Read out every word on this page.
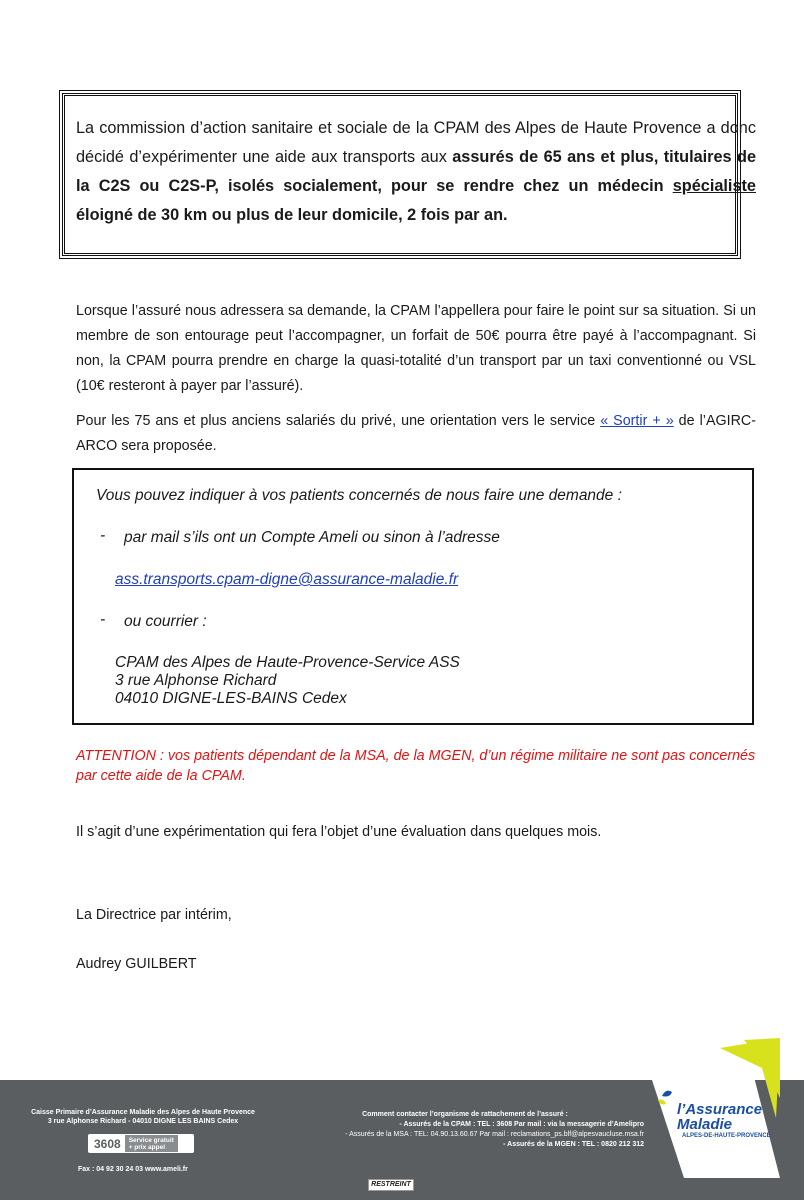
La commission d’action sanitaire et sociale de la CPAM des Alpes de Haute Provence a donc décidé d’expérimenter une aide aux transports aux assurés de 65 ans et plus, titulaires de la C2S ou C2S-P, isolés socialement, pour se rendre chez un médecin spécialiste éloigné de 30 km ou plus de leur domicile, 2 fois par an.
Lorsque l’assuré nous adressera sa demande, la CPAM l’appellera pour faire le point sur sa situation. Si un membre de son entourage peut l’accompagner, un forfait de 50€ pourra être payé à l’accompagnant. Si non, la CPAM pourra prendre en charge la quasi-totalité d’un transport par un taxi conventionné ou VSL (10€ resteront à payer par l’assuré).
Pour les 75 ans et plus anciens salariés du privé, une orientation vers le service « Sortir + » de l’AGIRC-ARCO sera proposée.
Vous pouvez indiquer à vos patients concernés de nous faire une demande :
- par mail s’ils ont un Compte Ameli ou sinon à l’adresse
ass.transports.cpam-digne@assurance-maladie.fr
- ou courrier :
CPAM des Alpes de Haute-Provence-Service ASS
3 rue Alphonse Richard
04010 DIGNE-LES-BAINS Cedex
ATTENTION : vos patients dépendant de la MSA, de la MGEN, d’un régime militaire ne sont pas concernés par cette aide de la CPAM.
Il s’agit d’une expérimentation qui fera l’objet d’une évaluation dans quelques mois.
La Directrice par intérim,
Audrey GUILBERT
Caisse Primaire d’Assurance Maladie des Alpes de Haute Provence
3 rue Alphonse Richard - 04010 DIGNE LES BAINS Cedex
3608	Service gratuit
+ prix appel
Fax : 04 92 30 24 03 www.ameli.fr
Comment contacter l’organisme de rattachement de l’assuré :
- Assurés de la CPAM : TEL : 3608 Par mail : via la messagerie d’Amelipro
- Assurés de la MSA : TEL: 04.90.13.60.67 Par mail : reclamations_ps.blf@alpesvaucluse.msa.fr
- Assurés de la MGEN : TEL : 0820 212 312
RESTREINT
l’Assurance
Maladie
ALPES-DE-HAUTE-PROVENCE
